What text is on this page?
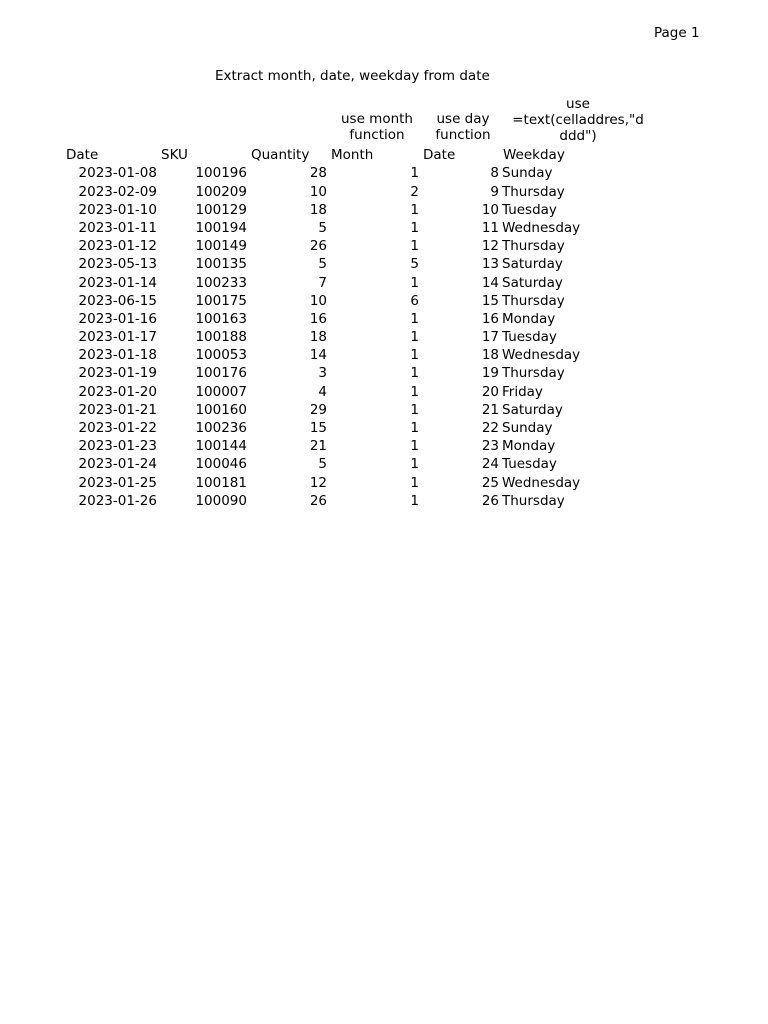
Page 1
Extract month, date, weekday from date
use month
function
use day
function
use
=text(celladdres,"d
ddd")
Date	SKU	Quantity	Month	Date	Weekday
2023-01-08	100196	28	1	8	Sunday
2023-02-09	100209	10	2	9	Thursday
2023-01-10	100129	18	1	10	Tuesday
2023-01-11	100194	5	1	11	Wednesday
2023-01-12	100149	26	1	12	Thursday
2023-05-13	100135	5	5	13	Saturday
2023-01-14	100233	7	1	14	Saturday
2023-06-15	100175	10	6	15	Thursday
2023-01-16	100163	16	1	16	Monday
2023-01-17	100188	18	1	17	Tuesday
2023-01-18	100053	14	1	18	Wednesday
2023-01-19	100176	3	1	19	Thursday
2023-01-20	100007	4	1	20	Friday
2023-01-21	100160	29	1	21	Saturday
2023-01-22	100236	15	1	22	Sunday
2023-01-23	100144	21	1	23	Monday
2023-01-24	100046	5	1	24	Tuesday
2023-01-25	100181	12	1	25	Wednesday
2023-01-26	100090	26	1	26	Thursday
